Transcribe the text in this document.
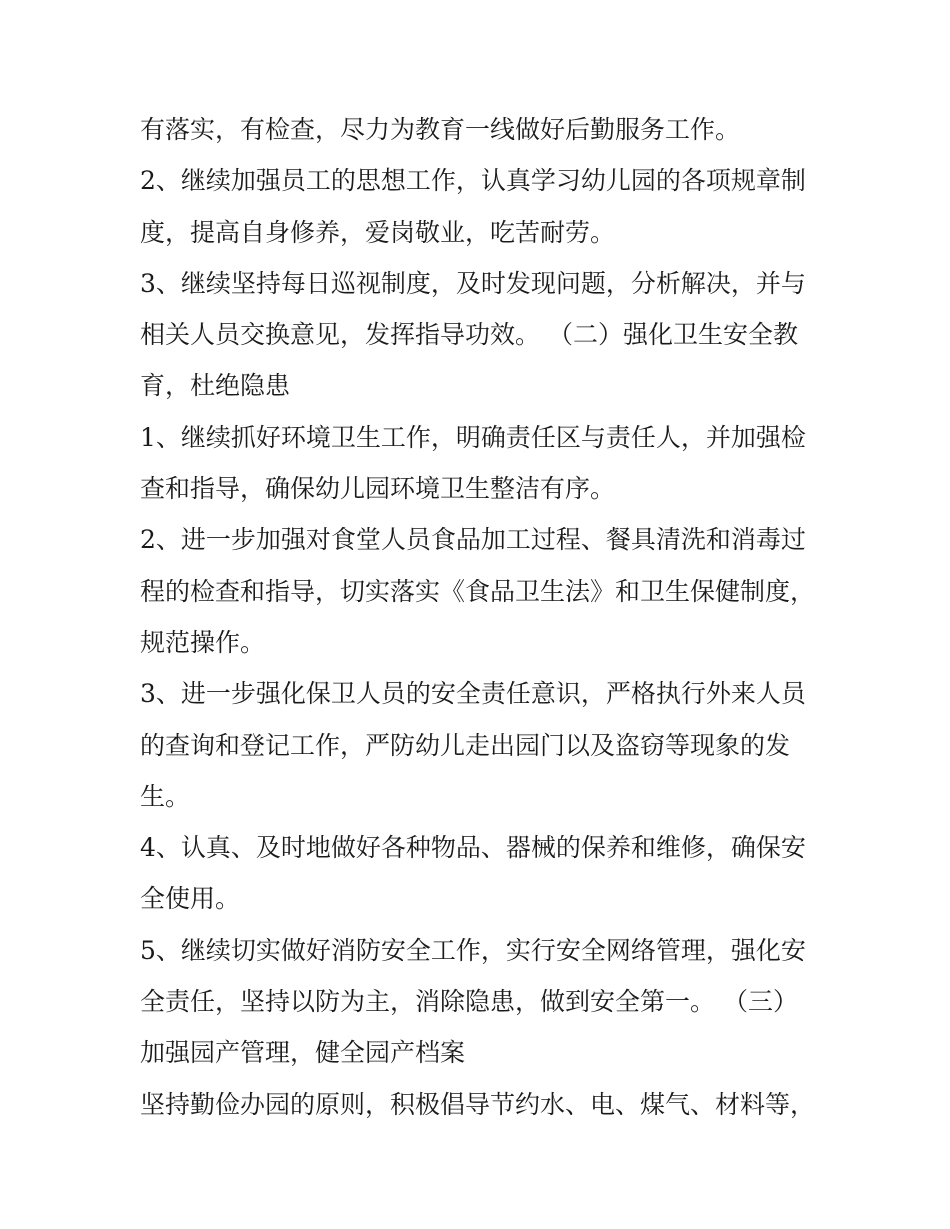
有落实，有检查，尽力为教育一线做好后勤服务工作。
2、继续加强员工的思想工作，认真学习幼儿园的各项规章制
度，提高自身修养，爱岗敬业，吃苦耐劳。
3、继续坚持每日巡视制度，及时发现问题，分析解决，并与
相关人员交换意见，发挥指导功效。 （二）强化卫生安全教
育，杜绝隐患
1、继续抓好环境卫生工作，明确责任区与责任人，并加强检
查和指导，确保幼儿园环境卫生整洁有序。
2、进一步加强对食堂人员食品加工过程、餐具清洗和消毒过
程的检查和指导，切实落实《食品卫生法》和卫生保健制度，
规范操作。
3、进一步强化保卫人员的安全责任意识，严格执行外来人员
的查询和登记工作，严防幼儿走出园门以及盗窃等现象的发
生。
4、认真、及时地做好各种物品、器械的保养和维修，确保安
全使用。
5、继续切实做好消防安全工作，实行安全网络管理，强化安
全责任，坚持以防为主，消除隐患，做到安全第一。 （三）
加强园产管理，健全园产档案
坚持勤俭办园的原则，积极倡导节约水、电、煤气、材料等，
